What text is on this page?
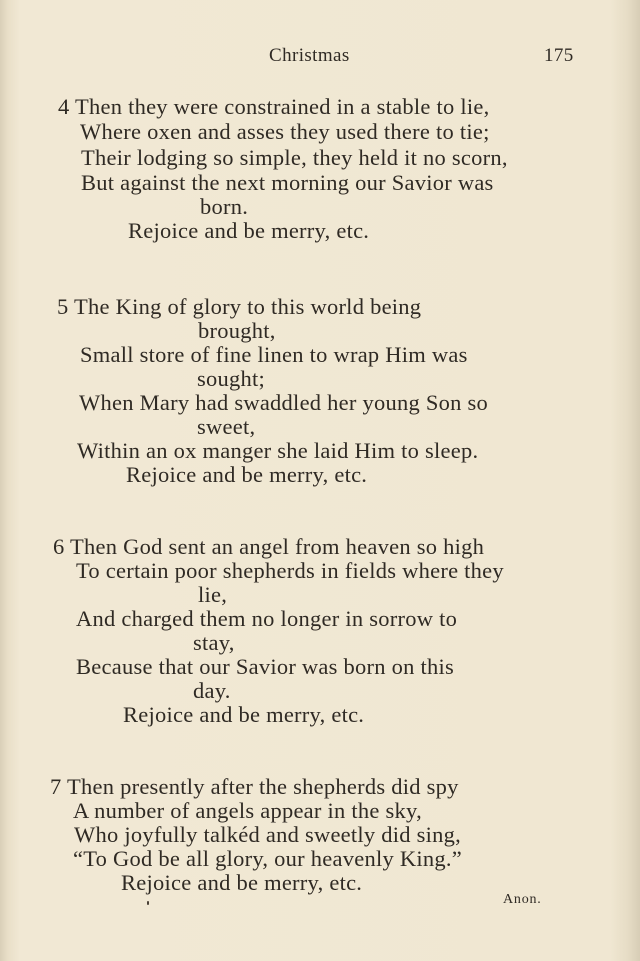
Christmas	175
4 Then they were constrained in a stable to lie,
Where oxen and asses they used there to tie;
Their lodging so simple, they held it no scorn,
But against the next morning our Savior was
born.
Rejoice and be merry, etc.
5 The King of glory to this world being
brought,
Small store of fine linen to wrap Him was
sought;
When Mary had swaddled her young Son so
sweet,
Within an ox manger she laid Him to sleep.
Rejoice and be merry, etc.
6 Then God sent an angel from heaven so high
To certain poor shepherds in fields where they
lie,
And charged them no longer in sorrow to
stay,
Because that our Savior was born on this
day.
Rejoice and be merry, etc.
7 Then presently after the shepherds did spy
A number of angels appear in the sky,
Who joyfully talkéd and sweetly did sing,
“To God be all glory, our heavenly King.”
Rejoice and be merry, etc.
Anon.
